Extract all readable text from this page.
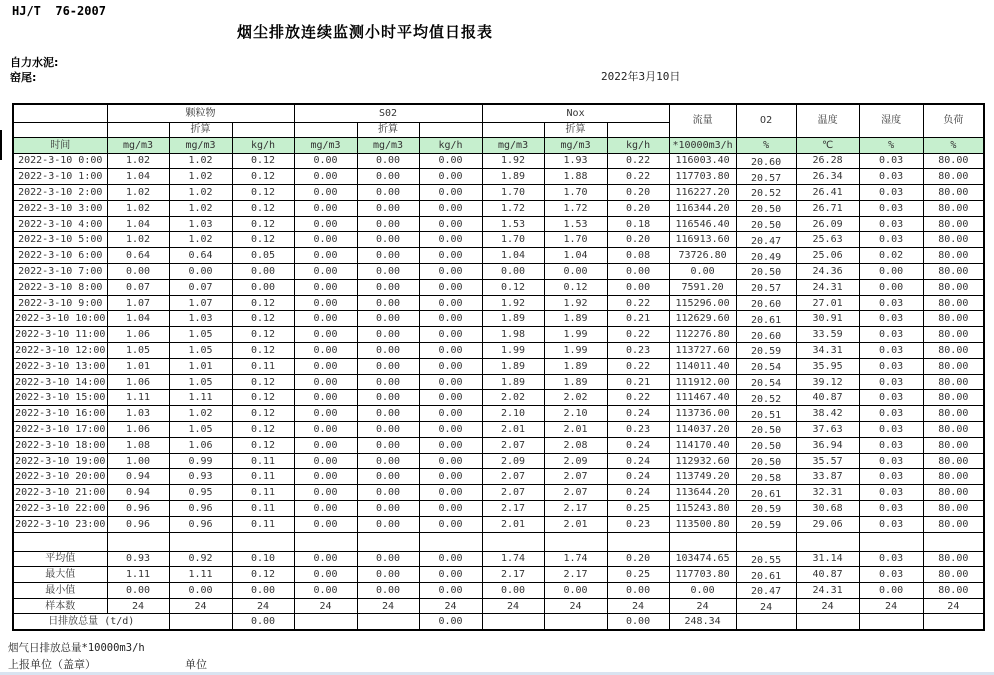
HJ/T  76-2007
烟尘排放连续监测小时平均值日报表
自力水泥:
窑尾:	2022年3月10日
	颗粒物			S02			Nox			流量	O2	温度	湿度	负荷
		折算			折算			折算						
时间	mg/m3	mg/m3	kg/h	mg/m3	mg/m3	kg/h	mg/m3	mg/m3	kg/h	*10000m3/h	%	℃	%	%
2022-3-10 0:00	1.02	1.02	0.12	0.00	0.00	0.00	1.92	1.93	0.22	116003.40	20.60	26.28	0.03	80.00
2022-3-10 1:00	1.04	1.02	0.12	0.00	0.00	0.00	1.89	1.88	0.22	117703.80	20.57	26.34	0.03	80.00
2022-3-10 2:00	1.02	1.02	0.12	0.00	0.00	0.00	1.70	1.70	0.20	116227.20	20.52	26.41	0.03	80.00
2022-3-10 3:00	1.02	1.02	0.12	0.00	0.00	0.00	1.72	1.72	0.20	116344.20	20.50	26.71	0.03	80.00
2022-3-10 4:00	1.04	1.03	0.12	0.00	0.00	0.00	1.53	1.53	0.18	116546.40	20.50	26.09	0.03	80.00
2022-3-10 5:00	1.02	1.02	0.12	0.00	0.00	0.00	1.70	1.70	0.20	116913.60	20.47	25.63	0.03	80.00
2022-3-10 6:00	0.64	0.64	0.05	0.00	0.00	0.00	1.04	1.04	0.08	73726.80	20.49	25.06	0.02	80.00
2022-3-10 7:00	0.00	0.00	0.00	0.00	0.00	0.00	0.00	0.00	0.00	0.00	20.50	24.36	0.00	80.00
2022-3-10 8:00	0.07	0.07	0.00	0.00	0.00	0.00	0.12	0.12	0.00	7591.20	20.57	24.31	0.00	80.00
2022-3-10 9:00	1.07	1.07	0.12	0.00	0.00	0.00	1.92	1.92	0.22	115296.00	20.60	27.01	0.03	80.00
2022-3-10 10:00	1.04	1.03	0.12	0.00	0.00	0.00	1.89	1.89	0.21	112629.60	20.61	30.91	0.03	80.00
2022-3-10 11:00	1.06	1.05	0.12	0.00	0.00	0.00	1.98	1.99	0.22	112276.80	20.60	33.59	0.03	80.00
2022-3-10 12:00	1.05	1.05	0.12	0.00	0.00	0.00	1.99	1.99	0.23	113727.60	20.59	34.31	0.03	80.00
2022-3-10 13:00	1.01	1.01	0.11	0.00	0.00	0.00	1.89	1.89	0.22	114011.40	20.54	35.95	0.03	80.00
2022-3-10 14:00	1.06	1.05	0.12	0.00	0.00	0.00	1.89	1.89	0.21	111912.00	20.54	39.12	0.03	80.00
2022-3-10 15:00	1.11	1.11	0.12	0.00	0.00	0.00	2.02	2.02	0.22	111467.40	20.52	40.87	0.03	80.00
2022-3-10 16:00	1.03	1.02	0.12	0.00	0.00	0.00	2.10	2.10	0.24	113736.00	20.51	38.42	0.03	80.00
2022-3-10 17:00	1.06	1.05	0.12	0.00	0.00	0.00	2.01	2.01	0.23	114037.20	20.50	37.63	0.03	80.00
2022-3-10 18:00	1.08	1.06	0.12	0.00	0.00	0.00	2.07	2.08	0.24	114170.40	20.50	36.94	0.03	80.00
2022-3-10 19:00	1.00	0.99	0.11	0.00	0.00	0.00	2.09	2.09	0.24	112932.60	20.50	35.57	0.03	80.00
2022-3-10 20:00	0.94	0.93	0.11	0.00	0.00	0.00	2.07	2.07	0.24	113749.20	20.58	33.87	0.03	80.00
2022-3-10 21:00	0.94	0.95	0.11	0.00	0.00	0.00	2.07	2.07	0.24	113644.20	20.61	32.31	0.03	80.00
2022-3-10 22:00	0.96	0.96	0.11	0.00	0.00	0.00	2.17	2.17	0.25	115243.80	20.59	30.68	0.03	80.00
2022-3-10 23:00	0.96	0.96	0.11	0.00	0.00	0.00	2.01	2.01	0.23	113500.80	20.59	29.06	0.03	80.00

平均值	0.93	0.92	0.10	0.00	0.00	0.00	1.74	1.74	0.20	103474.65	20.55	31.14	0.03	80.00
最大值	1.11	1.11	0.12	0.00	0.00	0.00	2.17	2.17	0.25	117703.80	20.61	40.87	0.03	80.00
最小值	0.00	0.00	0.00	0.00	0.00	0.00	0.00	0.00	0.00	0.00	20.47	24.31	0.00	80.00
样本数	24	24	24	24	24	24	24	24	24	24	24	24	24	24
日排放总量 (t/d)			0.00			0.00			0.00	248.34				
烟气日排放总量*10000m3/h
上报单位（盖章）	单位
